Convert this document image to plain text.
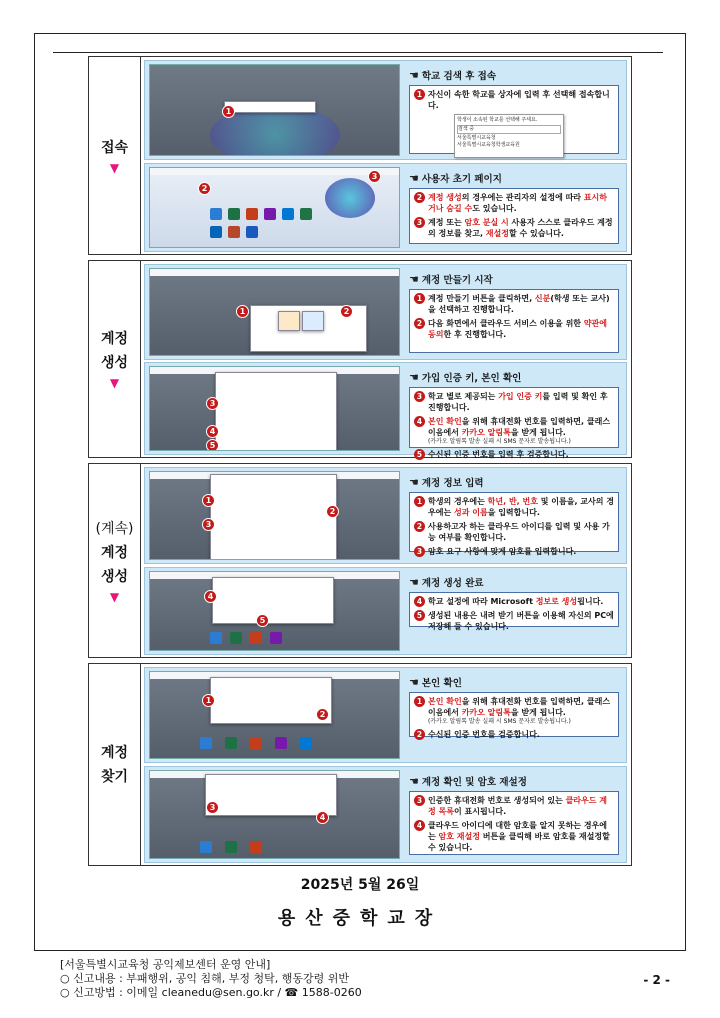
접속
▼
1
☚ 학교 검색 후 접속
1 자신이 속한 학교를 상자에 입력 후 선택해 접속합니다.
학생이 소속된 학교를 선택해 주세요.
검색 중
서울특별시교육청
서울특별시교육청학생교육원
2
3	☚ 사용자 초기 페이지
2 계정 생성의 경우에는 관리자의 설정에 따라 표시하거나 숨길 수도 있습니다.
3 계정 또는 암호 분실 시 사용자 스스로 클라우드 계정의 정보를 찾고, 재설정할 수 있습니다.
계정
생성
▼
1	2
☚ 계정 만들기 시작
1 계정 만들기 버튼을 클릭하면, 신분(학생 또는 교사)을 선택하고 진행합니다.
2 다음 화면에서 클라우드 서비스 이용을 위한 약관에 동의한 후 진행합니다.
3
4
5
☚ 가입 인증 키, 본인 확인
3 학교 별로 제공되는 가입 인증 키를 입력 및 확인 후 진행합니다.
4 본인 확인을 위해 휴대전화 번호를 입력하면, 클래스이음에서 카카오 알림톡을 받게 됩니다.
(카카오 알림톡 발송 실패 시 SMS 문자로 발송됩니다.)
5 수신된 인증 번호를 입력 후 검증합니다.
(계속)
계정
생성
▼
1
2
3
☚ 계정 정보 입력
1 학생의 경우에는 학년, 반, 번호 및 이름을, 교사의 경우에는 성과 이름을 입력합니다.
2 사용하고자 하는 클라우드 아이디를 입력 및 사용 가능 여부를 확인합니다.
3 암호 요구 사항에 맞게 암호를 입력합니다.
4
5
☚ 계정 생성 완료
4 학교 설정에 따라 Microsoft 정보로 생성됩니다.
5 생성된 내용은 내려 받기 버튼을 이용해 자신의 PC에 저장해 둘 수 있습니다.
계정
찾기
1
2
☚ 본인 확인
1 본인 확인을 위해 휴대전화 번호를 입력하면, 클래스이음에서 카카오 알림톡을 받게 됩니다.
(카카오 알림톡 발송 실패 시 SMS 문자로 발송됩니다.)
2 수신된 인증 번호를 검증합니다.
3
4
☚ 계정 확인 및 암호 재설정
3 인증한 휴대전화 번호로 생성되어 있는 클라우드 계정 목록이 표시됩니다.
4 클라우드 아이디에 대한 암호를 알지 못하는 경우에는 암호 재설정 버튼을 클릭해 바로 암호를 재설정할 수 있습니다.
2025년 5월 26일
용산중학교장
[서울특별시교육청 공익제보센터 운영 안내]
○ 신고내용 : 부패행위, 공익 침해, 부정 청탁, 행동강령 위반
○ 신고방법 : 이메일 cleanedu@sen.go.kr / ☎ 1588-0260
- 2 -
